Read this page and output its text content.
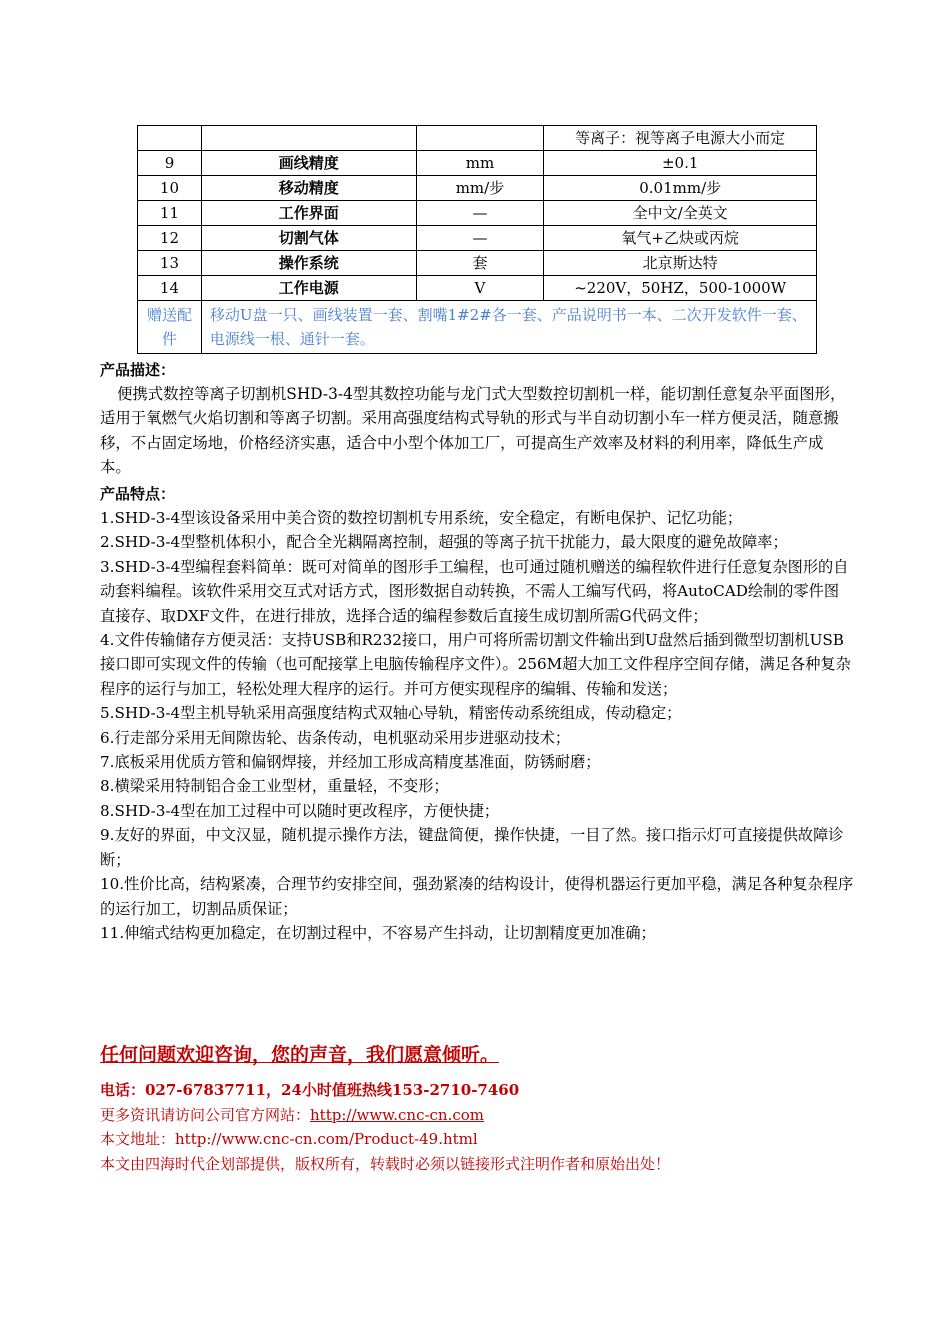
			等离子：视等离子电源大小而定
9	画线精度	mm	±0.1
10	移动精度	mm/步	0.01mm/步
11	工作界面	—	全中文/全英文
12	切割气体	—	氧气+乙炔或丙烷
13	操作系统	套	北京斯达特
14	工作电源	V	~220V，50HZ，500-1000W
赠送配件	移动U盘一只、画线装置一套、割嘴1#2#各一套、产品说明书一本、二次开发软件一套、电源线一根、通针一套。		
产品描述：
便携式数控等离子切割机SHD-3-4型其数控功能与龙门式大型数控切割机一样，能切割任意复杂平面图形，适用于氧燃气火焰切割和等离子切割。采用高强度结构式导轨的形式与半自动切割小车一样方便灵活，随意搬移，不占固定场地，价格经济实惠，适合中小型个体加工厂，可提高生产效率及材料的利用率，降低生产成本。
产品特点：

1.SHD-3-4型该设备采用中美合资的数控切割机专用系统，安全稳定，有断电保护、记忆功能；

2.SHD-3-4型整机体积小，配合全光耦隔离控制，超强的等离子抗干扰能力，最大限度的避免故障率；

3.SHD-3-4型编程套料简单：既可对简单的图形手工编程，也可通过随机赠送的编程软件进行任意复杂图形的自动套料编程。该软件采用交互式对话方式，图形数据自动转换，不需人工编写代码，将AutoCAD绘制的零件图直接存、取DXF文件，在进行排放，选择合适的编程参数后直接生成切割所需G代码文件；

4.文件传输储存方便灵活：支持USB和R232接口，用户可将所需切割文件输出到U盘然后插到微型切割机USB接口即可实现文件的传输（也可配接掌上电脑传输程序文件）。256M超大加工文件程序空间存储，满足各种复杂程序的运行与加工，轻松处理大程序的运行。并可方便实现程序的编辑、传输和发送；

5.SHD-3-4型主机导轨采用高强度结构式双轴心导轨，精密传动系统组成，传动稳定；

6.行走部分采用无间隙齿轮、齿条传动，电机驱动采用步进驱动技术；

7.底板采用优质方管和偏钢焊接，并经加工形成高精度基准面，防锈耐磨；

8.横梁采用特制铝合金工业型材，重量轻，不变形；

8.SHD-3-4型在加工过程中可以随时更改程序，方便快捷；

9.友好的界面，中文汉显，随机提示操作方法，键盘简便，操作快捷，一目了然。接口指示灯可直接提供故障诊断；

10.性价比高，结构紧凑，合理节约安排空间，强劲紧凑的结构设计，使得机器运行更加平稳，满足各种复杂程序的运行加工，切割品质保证；

11.伸缩式结构更加稳定，在切割过程中，不容易产生抖动，让切割精度更加准确；

任何问题欢迎咨询，您的声音，我们愿意倾听。
电话：027-67837711，24小时值班热线153-2710-7460
更多资讯请访问公司官方网站：http://www.cnc-cn.com
本文地址：http://www.cnc-cn.com/Product-49.html
本文由四海时代企划部提供，版权所有，转载时必须以链接形式注明作者和原始出处！
